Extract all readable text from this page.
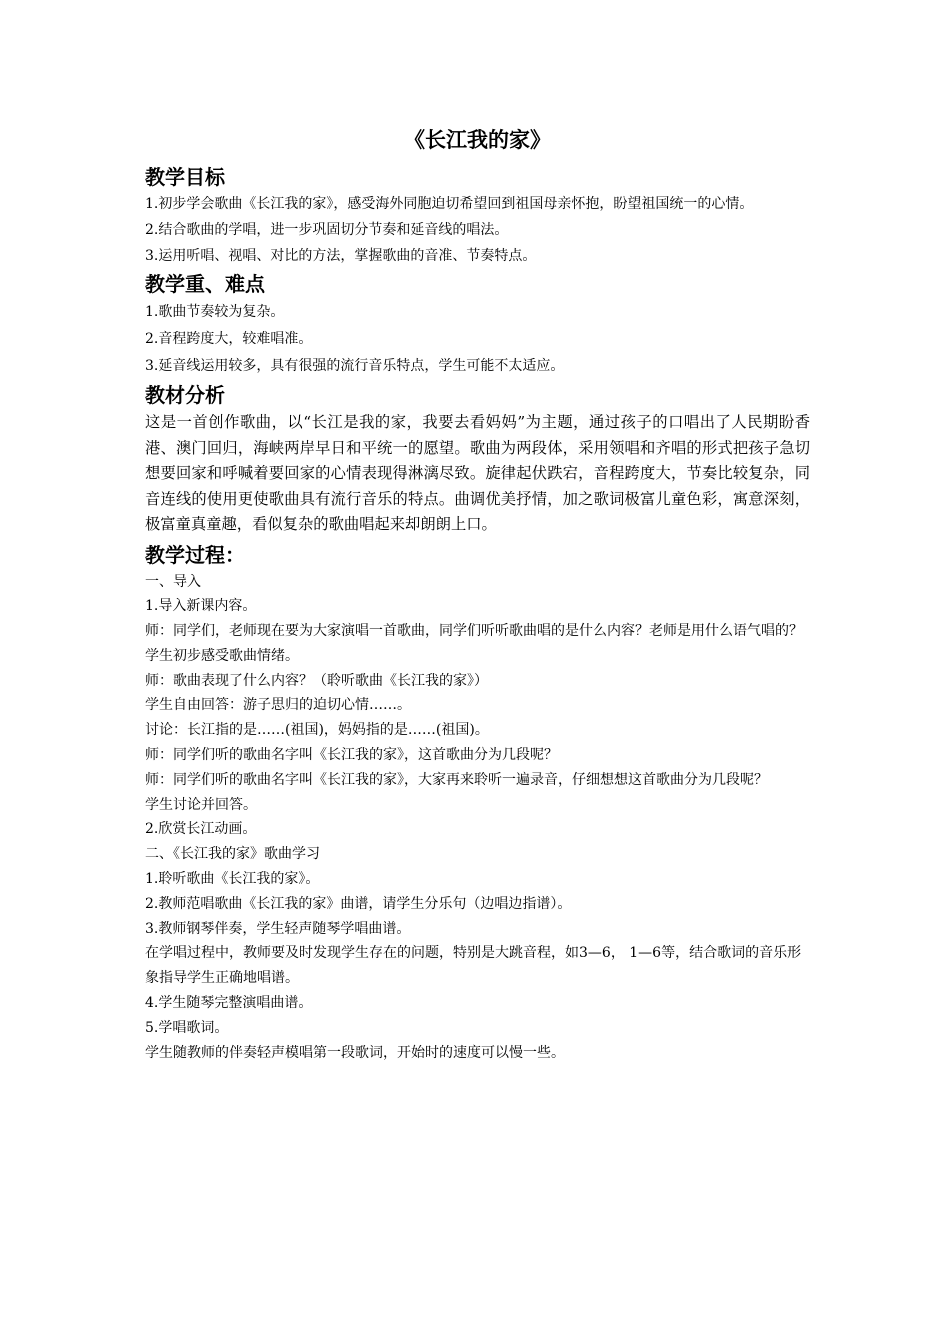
《长江我的家》
教学目标
1.初步学会歌曲《长江我的家》，感受海外同胞迫切希望回到祖国母亲怀抱，盼望祖国统一的心情。
2.结合歌曲的学唱，进一步巩固切分节奏和延音线的唱法。
3.运用听唱、视唱、对比的方法，掌握歌曲的音准、节奏特点。
教学重、难点
1.歌曲节奏较为复杂。
2.音程跨度大，较难唱准。
3.延音线运用较多，具有很强的流行音乐特点，学生可能不太适应。
教材分析
这是一首创作歌曲，以“长江是我的家，我要去看妈妈”为主题，通过孩子的口唱出了人民期盼香港、澳门回归，海峡两岸早日和平统一的愿望。歌曲为两段体，采用领唱和齐唱的形式把孩子急切想要回家和呼喊着要回家的心情表现得淋漓尽致。旋律起伏跌宕，音程跨度大，节奏比较复杂，同音连线的使用更使歌曲具有流行音乐的特点。曲调优美抒情，加之歌词极富儿童色彩，寓意深刻，极富童真童趣，看似复杂的歌曲唱起来却朗朗上口。
教学过程：
一、导入
1.导入新课内容。
师：同学们，老师现在要为大家演唱一首歌曲，同学们听听歌曲唱的是什么内容？老师是用什么语气唱的？
学生初步感受歌曲情绪。
师：歌曲表现了什么内容？（聆听歌曲《长江我的家》）
学生自由回答：游子思归的迫切心情……。
讨论：长江指的是……(祖国)，妈妈指的是……(祖国)。
师：同学们听的歌曲名字叫《长江我的家》，这首歌曲分为几段呢？
师：同学们听的歌曲名字叫《长江我的家》，大家再来聆听一遍录音，仔细想想这首歌曲分为几段呢？
学生讨论并回答。
2.欣赏长江动画。
二、《长江我的家》歌曲学习
1.聆听歌曲《长江我的家》。
2.教师范唱歌曲《长江我的家》曲谱，请学生分乐句（边唱边指谱）。
3.教师钢琴伴奏，学生轻声随琴学唱曲谱。
在学唱过程中，教师要及时发现学生存在的问题，特别是大跳音程，如3—6， 1—6等，结合歌词的音乐形象指导学生正确地唱谱。
4.学生随琴完整演唱曲谱。
5.学唱歌词。
学生随教师的伴奏轻声模唱第一段歌词，开始时的速度可以慢一些。
